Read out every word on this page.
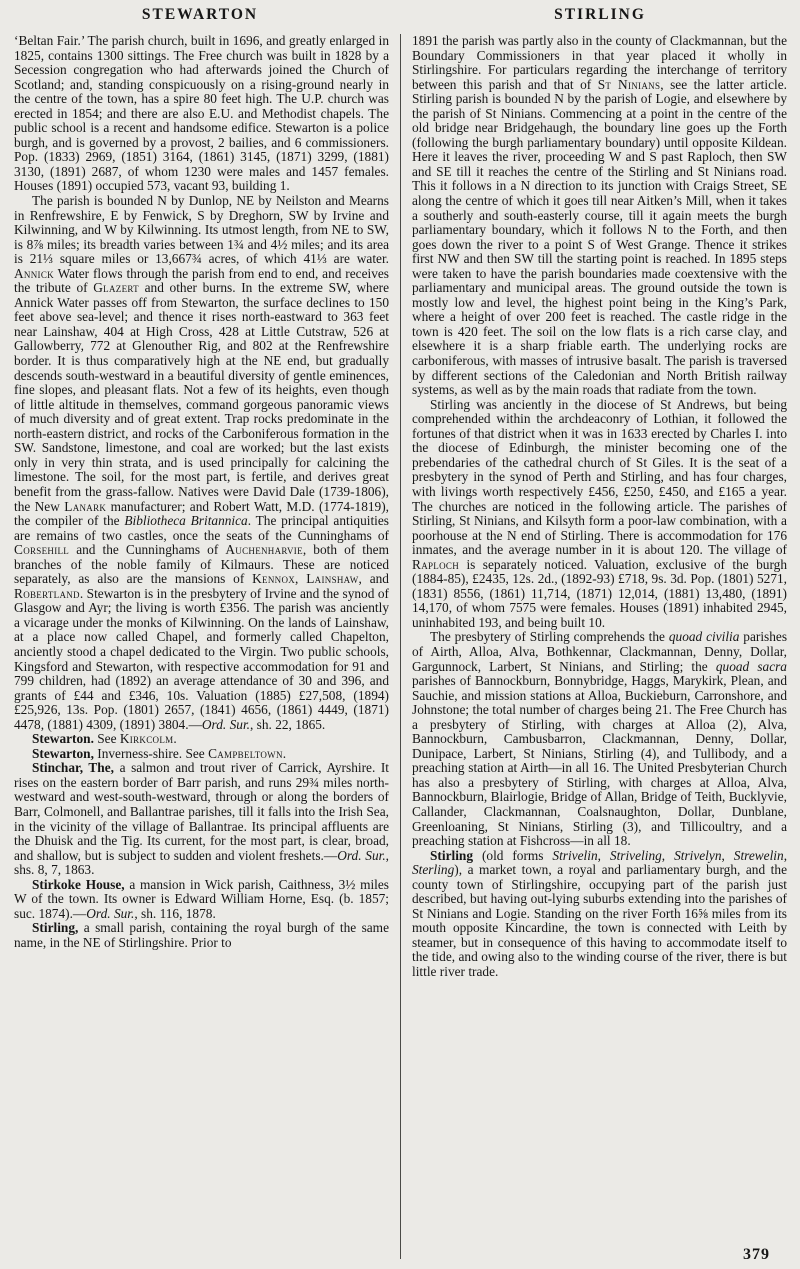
STEWARTON	STIRLING

‘Beltan Fair.’ The parish church, built in 1696, and greatly enlarged in 1825, contains 1300 sittings. The Free church was built in 1828 by a Secession congregation who had afterwards joined the Church of Scotland; and, standing conspicuously on a rising-ground nearly in the centre of the town, has a spire 80 feet high. The U.P. church was erected in 1854; and there are also E.U. and Methodist chapels. The public school is a recent and handsome edifice. Stewarton is a police burgh, and is governed by a provost, 2 bailies, and 6 commissioners. Pop. (1833) 2969, (1851) 3164, (1861) 3145, (1871) 3299, (1881) 3130, (1891) 2687, of whom 1230 were males and 1457 females. Houses (1891) occupied 573, vacant 93, building 1.

The parish is bounded N by Dunlop, NE by Neilston and Mearns in Renfrewshire, E by Fenwick, S by Dreghorn, SW by Irvine and Kilwinning, and W by Kilwinning. Its utmost length, from NE to SW, is 8⅞ miles; its breadth varies between 1¾ and 4½ miles; and its area is 21⅓ square miles or 13,667¾ acres, of which 41⅓ are water. Annick Water flows through the parish from end to end, and receives the tribute of Glazert and other burns. In the extreme SW, where Annick Water passes off from Stewarton, the surface declines to 150 feet above sea-level; and thence it rises north-eastward to 363 feet near Lainshaw, 404 at High Cross, 428 at Little Cutstraw, 526 at Gallowberry, 772 at Glenouther Rig, and 802 at the Renfrewshire border. It is thus comparatively high at the NE end, but gradually descends south-westward in a beautiful diversity of gentle eminences, fine slopes, and pleasant flats. Not a few of its heights, even though of little altitude in themselves, command gorgeous panoramic views of much diversity and of great extent. Trap rocks predominate in the north-eastern district, and rocks of the Carboniferous formation in the SW. Sandstone, limestone, and coal are worked; but the last exists only in very thin strata, and is used principally for calcining the limestone. The soil, for the most part, is fertile, and derives great benefit from the grass-fallow. Natives were David Dale (1739-1806), the New Lanark manufacturer; and Robert Watt, M.D. (1774-1819), the compiler of the Bibliotheca Britannica. The principal antiquities are remains of two castles, once the seats of the Cunninghams of Corsehill and the Cunninghams of Auchenharvie, both of them branches of the noble family of Kilmaurs. These are noticed separately, as also are the mansions of Kennox, Lainshaw, and Robertland. Stewarton is in the presbytery of Irvine and the synod of Glasgow and Ayr; the living is worth £356. The parish was anciently a vicarage under the monks of Kilwinning. On the lands of Lainshaw, at a place now called Chapel, and formerly called Chapelton, anciently stood a chapel dedicated to the Virgin. Two public schools, Kingsford and Stewarton, with respective accommodation for 91 and 799 children, had (1892) an average attendance of 30 and 396, and grants of £44 and £346, 10s. Valuation (1885) £27,508, (1894) £25,926, 13s. Pop. (1801) 2657, (1841) 4656, (1861) 4449, (1871) 4478, (1881) 4309, (1891) 3804.—Ord. Sur., sh. 22, 1865.

Stewarton. See Kirkcolm.

Stewarton, Inverness-shire. See Campbeltown.

Stinchar, The, a salmon and trout river of Carrick, Ayrshire. It rises on the eastern border of Barr parish, and runs 29¾ miles north-westward and west-south-westward, through or along the borders of Barr, Colmonell, and Ballantrae parishes, till it falls into the Irish Sea, in the vicinity of the village of Ballantrae. Its principal affluents are the Dhuisk and the Tig. Its current, for the most part, is clear, broad, and shallow, but is subject to sudden and violent freshets.—Ord. Sur., shs. 8, 7, 1863.

Stirkoke House, a mansion in Wick parish, Caithness, 3½ miles W of the town. Its owner is Edward William Horne, Esq. (b. 1857; suc. 1874).—Ord. Sur., sh. 116, 1878.

Stirling, a small parish, containing the royal burgh of the same name, in the NE of Stirlingshire. Prior to

1891 the parish was partly also in the county of Clackmannan, but the Boundary Commissioners in that year placed it wholly in Stirlingshire. For particulars regarding the interchange of territory between this parish and that of St Ninians, see the latter article. Stirling parish is bounded N by the parish of Logie, and elsewhere by the parish of St Ninians. Commencing at a point in the centre of the old bridge near Bridgehaugh, the boundary line goes up the Forth (following the burgh parliamentary boundary) until opposite Kildean. Here it leaves the river, proceeding W and S past Raploch, then SW and SE till it reaches the centre of the Stirling and St Ninians road. This it follows in a N direction to its junction with Craigs Street, SE along the centre of which it goes till near Aitken’s Mill, when it takes a southerly and south-easterly course, till it again meets the burgh parliamentary boundary, which it follows N to the Forth, and then goes down the river to a point S of West Grange. Thence it strikes first NW and then SW till the starting point is reached. In 1895 steps were taken to have the parish boundaries made coextensive with the parliamentary and municipal areas. The ground outside the town is mostly low and level, the highest point being in the King’s Park, where a height of over 200 feet is reached. The castle ridge in the town is 420 feet. The soil on the low flats is a rich carse clay, and elsewhere it is a sharp friable earth. The underlying rocks are carboniferous, with masses of intrusive basalt. The parish is traversed by different sections of the Caledonian and North British railway systems, as well as by the main roads that radiate from the town.

Stirling was anciently in the diocese of St Andrews, but being comprehended within the archdeaconry of Lothian, it followed the fortunes of that district when it was in 1633 erected by Charles I. into the diocese of Edinburgh, the minister becoming one of the prebendaries of the cathedral church of St Giles. It is the seat of a presbytery in the synod of Perth and Stirling, and has four charges, with livings worth respectively £456, £250, £450, and £165 a year. The churches are noticed in the following article. The parishes of Stirling, St Ninians, and Kilsyth form a poor-law combination, with a poorhouse at the N end of Stirling. There is accommodation for 176 inmates, and the average number in it is about 120. The village of Raploch is separately noticed. Valuation, exclusive of the burgh (1884-85), £2435, 12s. 2d., (1892-93) £718, 9s. 3d. Pop. (1801) 5271, (1831) 8556, (1861) 11,714, (1871) 12,014, (1881) 13,480, (1891) 14,170, of whom 7575 were females. Houses (1891) inhabited 2945, uninhabited 193, and being built 10.

The presbytery of Stirling comprehends the quoad civilia parishes of Airth, Alloa, Alva, Bothkennar, Clackmannan, Denny, Dollar, Gargunnock, Larbert, St Ninians, and Stirling; the quoad sacra parishes of Bannockburn, Bonnybridge, Haggs, Marykirk, Plean, and Sauchie, and mission stations at Alloa, Buckieburn, Carronshore, and Johnstone; the total number of charges being 21. The Free Church has a presbytery of Stirling, with charges at Alloa (2), Alva, Bannockburn, Cambusbarron, Clackmannan, Denny, Dollar, Dunipace, Larbert, St Ninians, Stirling (4), and Tullibody, and a preaching station at Airth—in all 16. The United Presbyterian Church has also a presbytery of Stirling, with charges at Alloa, Alva, Bannockburn, Blairlogie, Bridge of Allan, Bridge of Teith, Bucklyvie, Callander, Clackmannan, Coalsnaughton, Dollar, Dunblane, Greenloaning, St Ninians, Stirling (3), and Tillicoultry, and a preaching station at Fishcross—in all 18.

Stirling (old forms Strivelin, Striveling, Strivelyn, Strewelin, Sterling), a market town, a royal and parliamentary burgh, and the county town of Stirlingshire, occupying part of the parish just described, but having out-lying suburbs extending into the parishes of St Ninians and Logie. Standing on the river Forth 16⅝ miles from its mouth opposite Kincardine, the town is connected with Leith by steamer, but in consequence of this having to accommodate itself to the tide, and owing also to the winding course of the river, there is but little river trade.

379
